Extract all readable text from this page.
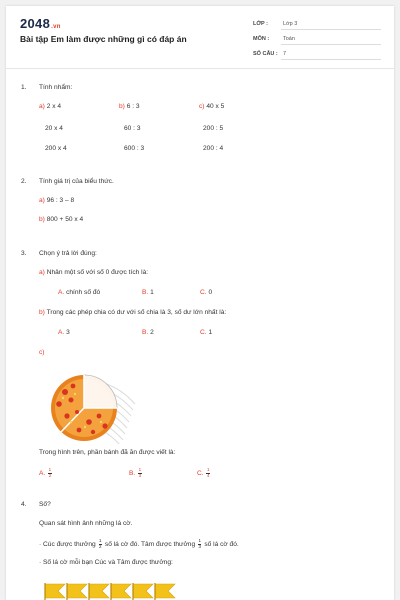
2048.vn
Bài tập Em làm được những gì có đáp án
LỚP :	Lớp 3
MÔN :	Toán
SỐ CÂU : 7
1. Tính nhẩm:
a) 2 x 4	b) 6 : 3	c) 40 x 5
20 x 4	60 : 3	200 : 5
200 x 4	600 : 3	200 : 4
2. Tính giá trị của biểu thức.
a) 96 : 3 – 8
b) 800 + 50 x 4
3. Chọn ý trả lời đúng:
a) Nhân một số với số 0 được tích là:
A. chính số đó	B. 1	C. 0
b) Trong các phép chia có dư với số chia là 3, số dư lớn nhất là:
A. 3	B. 2	C. 1
c)
Trong hình trên, phần bánh đã ăn được viết là:
A. $\frac{1}{2}$	B. $\frac{1}{3}$	C. $\frac{1}{4}$
4. Số?
Quan sát hình ảnh những lá cờ.
· Cúc được thưởng $\frac{1}{2}$ số lá cờ đó. Tâm được thưởng $\frac{1}{3}$ số lá cờ đó.
· Số lá cờ mỗi bạn Cúc và Tâm được thưởng:
